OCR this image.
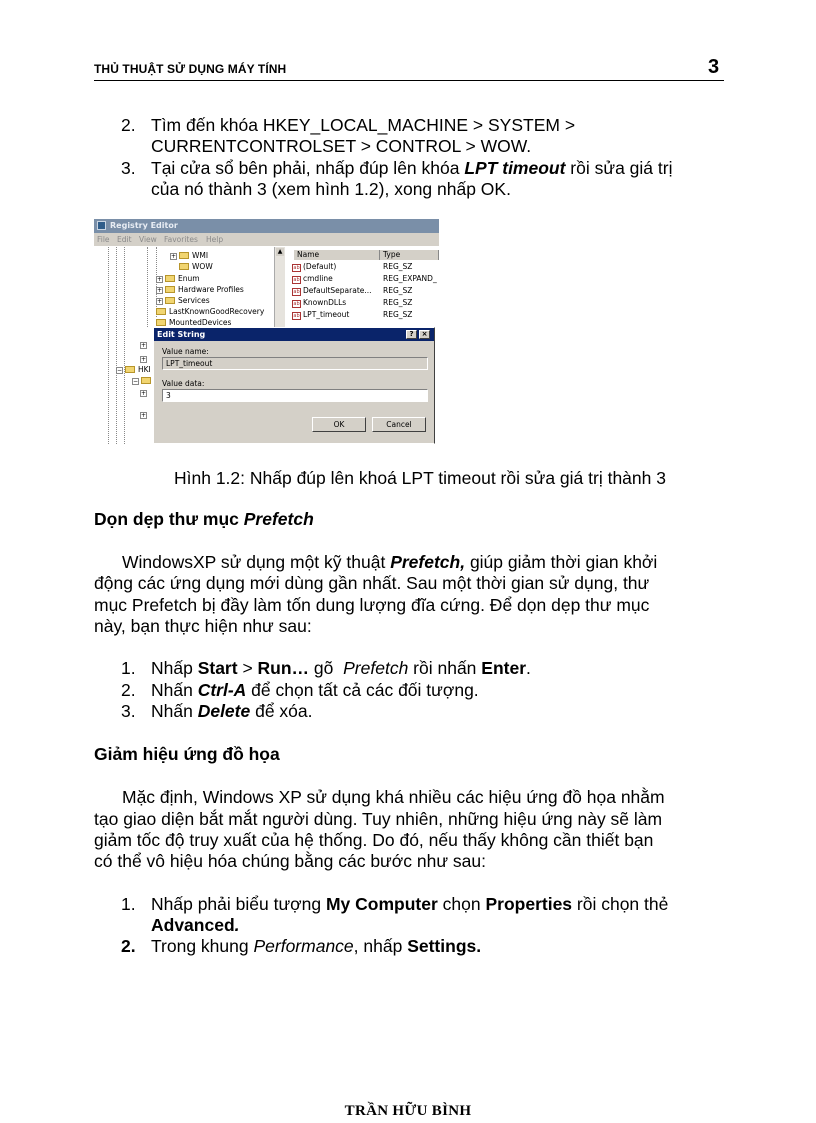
THỦ THUẬT SỬ DỤNG MÁY TÍNH	3
2. Tìm đến khóa HKEY_LOCAL_MACHINE > SYSTEM >
CURRENTCONTROLSET > CONTROL > WOW.
3. Tại cửa sổ bên phải, nhấp đúp lên khóa LPT timeout rồi sửa giá trị
của nó thành 3 (xem hình 1.2), xong nhấp OK.
Registry Editor
File Edit View Favorites Help
+ WMI
WOW
+ Enum
+ Hardware Profiles
+ Services
LastKnownGoodRecovery
MountedDevices
− HKI
+
+
−
+
+
▲	Name	Type
ab (Default)	REG_SZ
ab cmdline	REG_EXPAND_
ab DefaultSeparate... REG_SZ
ab KnownDLLs	REG_SZ
ab LPT_timeout	REG_SZ
Edit String	?	×
Value name:
LPT_timeout
Value data:
3
OK	Cancel
Hình 1.2: Nhấp đúp lên khoá LPT timeout rồi sửa giá trị thành 3
Dọn dẹp thư mục Prefetch
WindowsXP sử dụng một kỹ thuật Prefetch, giúp giảm thời gian khởi
động các ứng dụng mới dùng gần nhất. Sau một thời gian sử dụng, thư
mục Prefetch bị đầy làm tốn dung lượng đĩa cứng. Để dọn dẹp thư mục
này, bạn thực hiện như sau:
1. Nhấp Start > Run… gõ  Prefetch rồi nhấn Enter.
2. Nhấn Ctrl-A để chọn tất cả các đối tượng.
3. Nhấn Delete để xóa.
Giảm hiệu ứng đồ họa
Mặc định, Windows XP sử dụng khá nhiều các hiệu ứng đồ họa nhằm
tạo giao diện bắt mắt người dùng. Tuy nhiên, những hiệu ứng này sẽ làm
giảm tốc độ truy xuất của hệ thống. Do đó, nếu thấy không cần thiết bạn
có thể vô hiệu hóa chúng bằng các bước như sau:
1. Nhấp phải biểu tượng My Computer chọn Properties rồi chọn thẻ
Advanced.
2. Trong khung Performance, nhấp Settings.
TRẦN HỮU BÌNH
